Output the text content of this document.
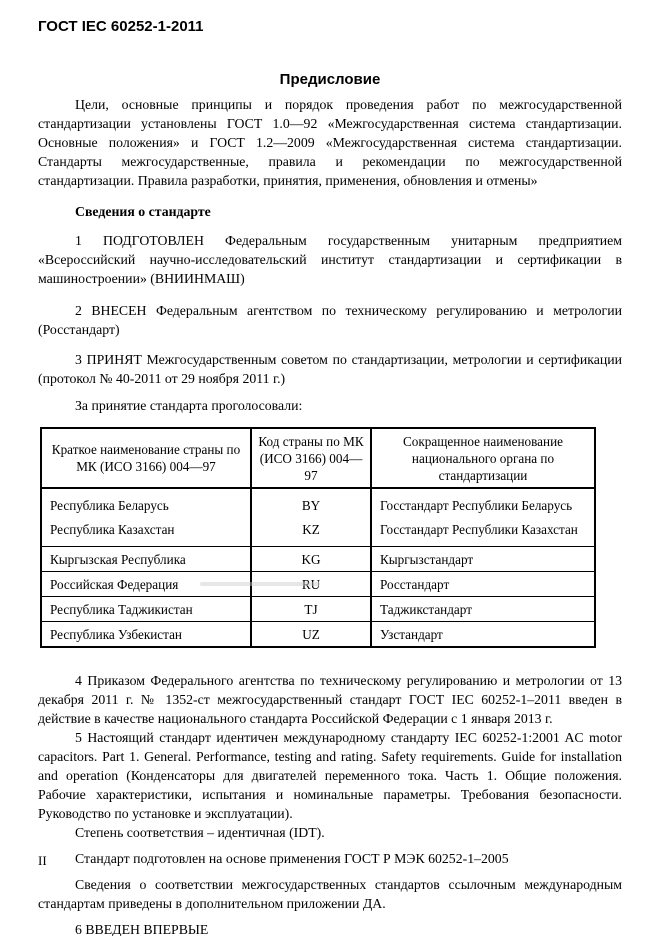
ГОСТ IEC 60252-1-2011
Предисловие

Цели, основные принципы и порядок проведения работ по межгосударственной стандартизации установлены ГОСТ 1.0—92 «Межгосударственная система стандартизации. Основные положения» и ГОСТ 1.2—2009 «Межгосударственная система стандартизации. Стандарты межгосударственные, правила и рекомендации по межгосударственной стандартизации. Правила разработки, принятия, применения, обновления и отмены»

Сведения о стандарте

1 ПОДГОТОВЛЕН Федеральным государственным унитарным предприятием «Всероссийский научно-исследовательский институт стандартизации и сертификации в машиностроении» (ВНИИНМАШ)

2 ВНЕСЕН Федеральным агентством по техническому регулированию и метрологии (Росстандарт)

3 ПРИНЯТ Межгосударственным советом по стандартизации, метрологии и сертификации (протокол № 40-2011 от 29 ноября 2011 г.)

За принятие стандарта проголосовали:

Краткое наименование страны по МК (ИСО 3166) 004—97	Код страны по МК (ИСО 3166) 004—97	Сокращенное наименование национального органа по стандартизации
Республика Беларусь	BY	Госстандарт Республики Беларусь
Республика Казахстан	KZ	Госстандарт Республики Казахстан
Кыргызская Республика	KG	Кыргызстандарт
Российская Федерация	RU	Росстандарт
Республика Таджикистан	TJ	Таджикстандарт
Республика Узбекистан	UZ	Узстандарт

4 Приказом Федерального агентства по техническому регулированию и метрологии от 13 декабря 2011 г. № 1352-ст межгосударственный стандарт ГОСТ IEC 60252-1–2011 введен в действие в качестве национального стандарта Российской Федерации с 1 января 2013 г.

5 Настоящий стандарт идентичен международному стандарту IEC 60252-1:2001 AC motor capacitors. Part 1. General. Performance, testing and rating. Safety requirements. Guide for installation and operation (Конденсаторы для двигателей переменного тока. Часть 1. Общие положения. Рабочие характеристики, испытания и номинальные параметры. Требования безопасности. Руководство по установке и эксплуатации).

Степень соответствия – идентичная (IDT).

Стандарт подготовлен на основе применения ГОСТ Р МЭК 60252-1–2005

Сведения о соответствии межгосударственных стандартов ссылочным международным стандартам приведены в дополнительном приложении ДА.

6 ВВЕДЕН ВПЕРВЫЕ

II
